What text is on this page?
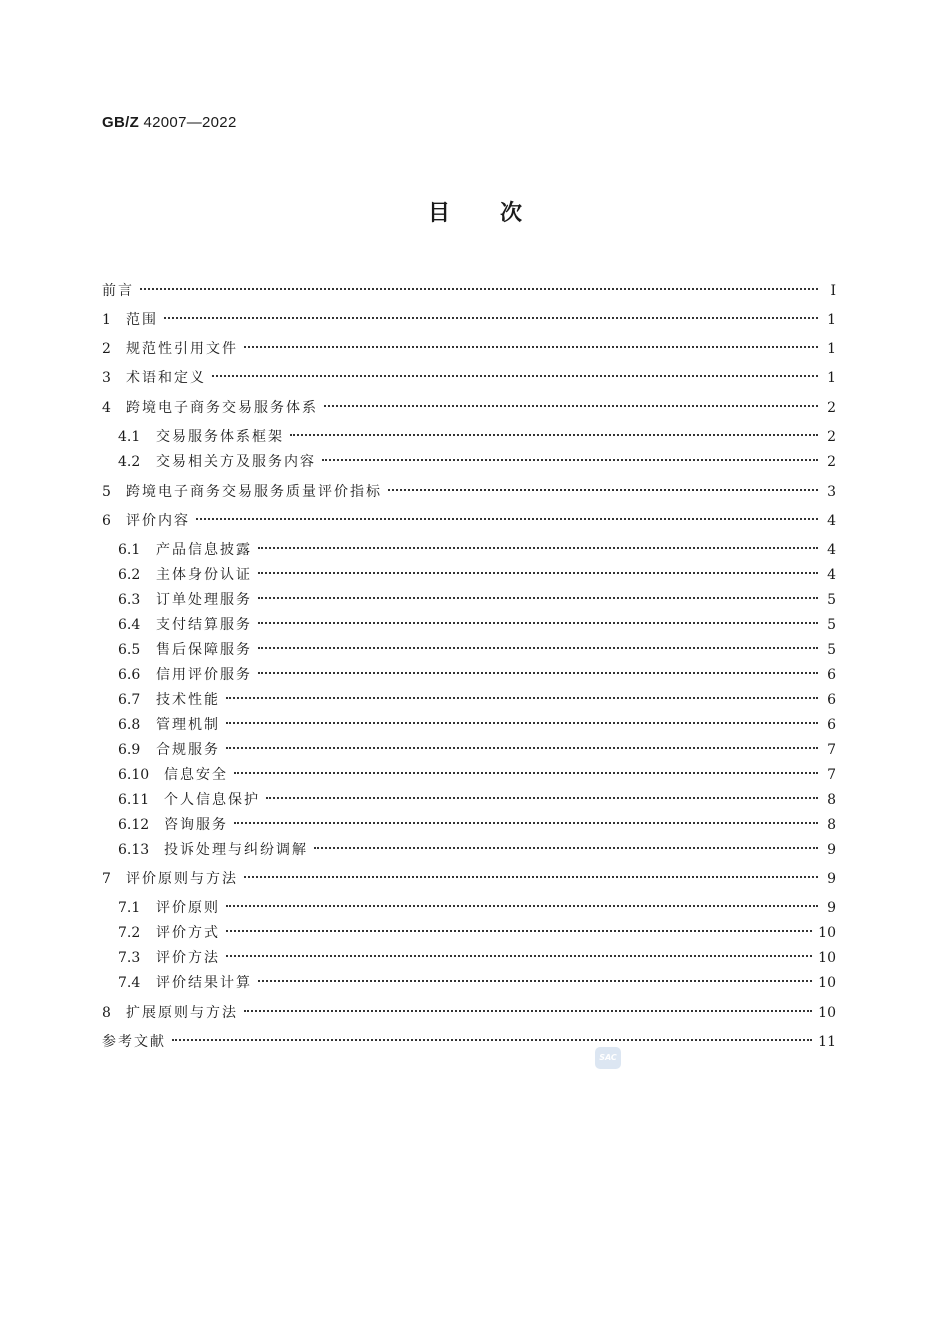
GB/Z 42007—2022
目 次
前言	I
1	范围	1
2	规范性引用文件	1
3	术语和定义	1
4	跨境电子商务交易服务体系	2
4.1	交易服务体系框架	2
4.2	交易相关方及服务内容	2
5	跨境电子商务交易服务质量评价指标	3
6	评价内容	4
6.1	产品信息披露	4
6.2	主体身份认证	4
6.3	订单处理服务	5
6.4	支付结算服务	5
6.5	售后保障服务	5
6.6	信用评价服务	6
6.7	技术性能	6
6.8	管理机制	6
6.9	合规服务	7
6.10	信息安全	7
6.11	个人信息保护	8
6.12	咨询服务	8
6.13	投诉处理与纠纷调解	9
7	评价原则与方法	9
7.1	评价原则	9
7.2	评价方式	10
7.3	评价方法	10
7.4	评价结果计算	10
8	扩展原则与方法	10
参考文献	11
SAC
